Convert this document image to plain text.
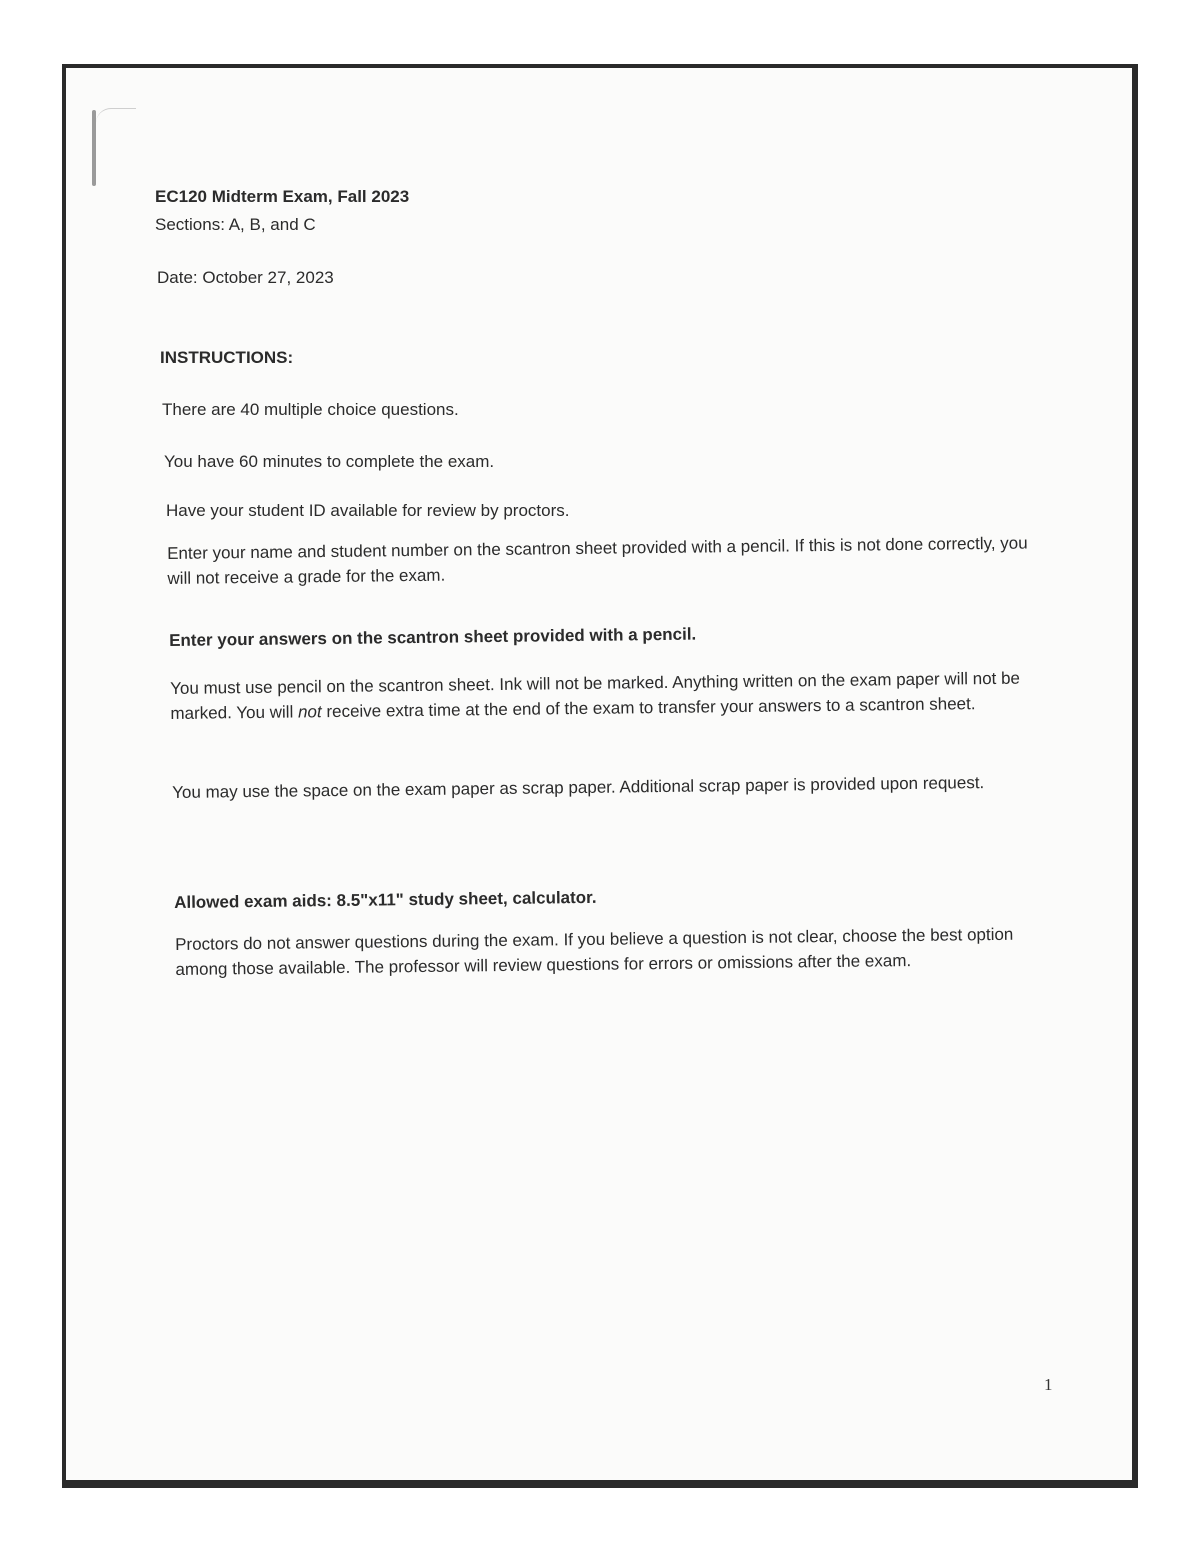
EC120 Midterm Exam, Fall 2023

Sections: A, B, and C

Date: October 27, 2023

INSTRUCTIONS:

There are 40 multiple choice questions.

You have 60 minutes to complete the exam.

Have your student ID available for review by proctors.

Enter your name and student number on the scantron sheet provided with a pencil. If this is not done correctly, you will not receive a grade for the exam.

Enter your answers on the scantron sheet provided with a pencil.

You must use pencil on the scantron sheet. Ink will not be marked. Anything written on the exam paper will not be marked. You will not receive extra time at the end of the exam to transfer your answers to a scantron sheet.

You may use the space on the exam paper as scrap paper. Additional scrap paper is provided upon request.

Allowed exam aids: 8.5"x11" study sheet, calculator.

Proctors do not answer questions during the exam. If you believe a question is not clear, choose the best option among those available. The professor will review questions for errors or omissions after the exam.

1
